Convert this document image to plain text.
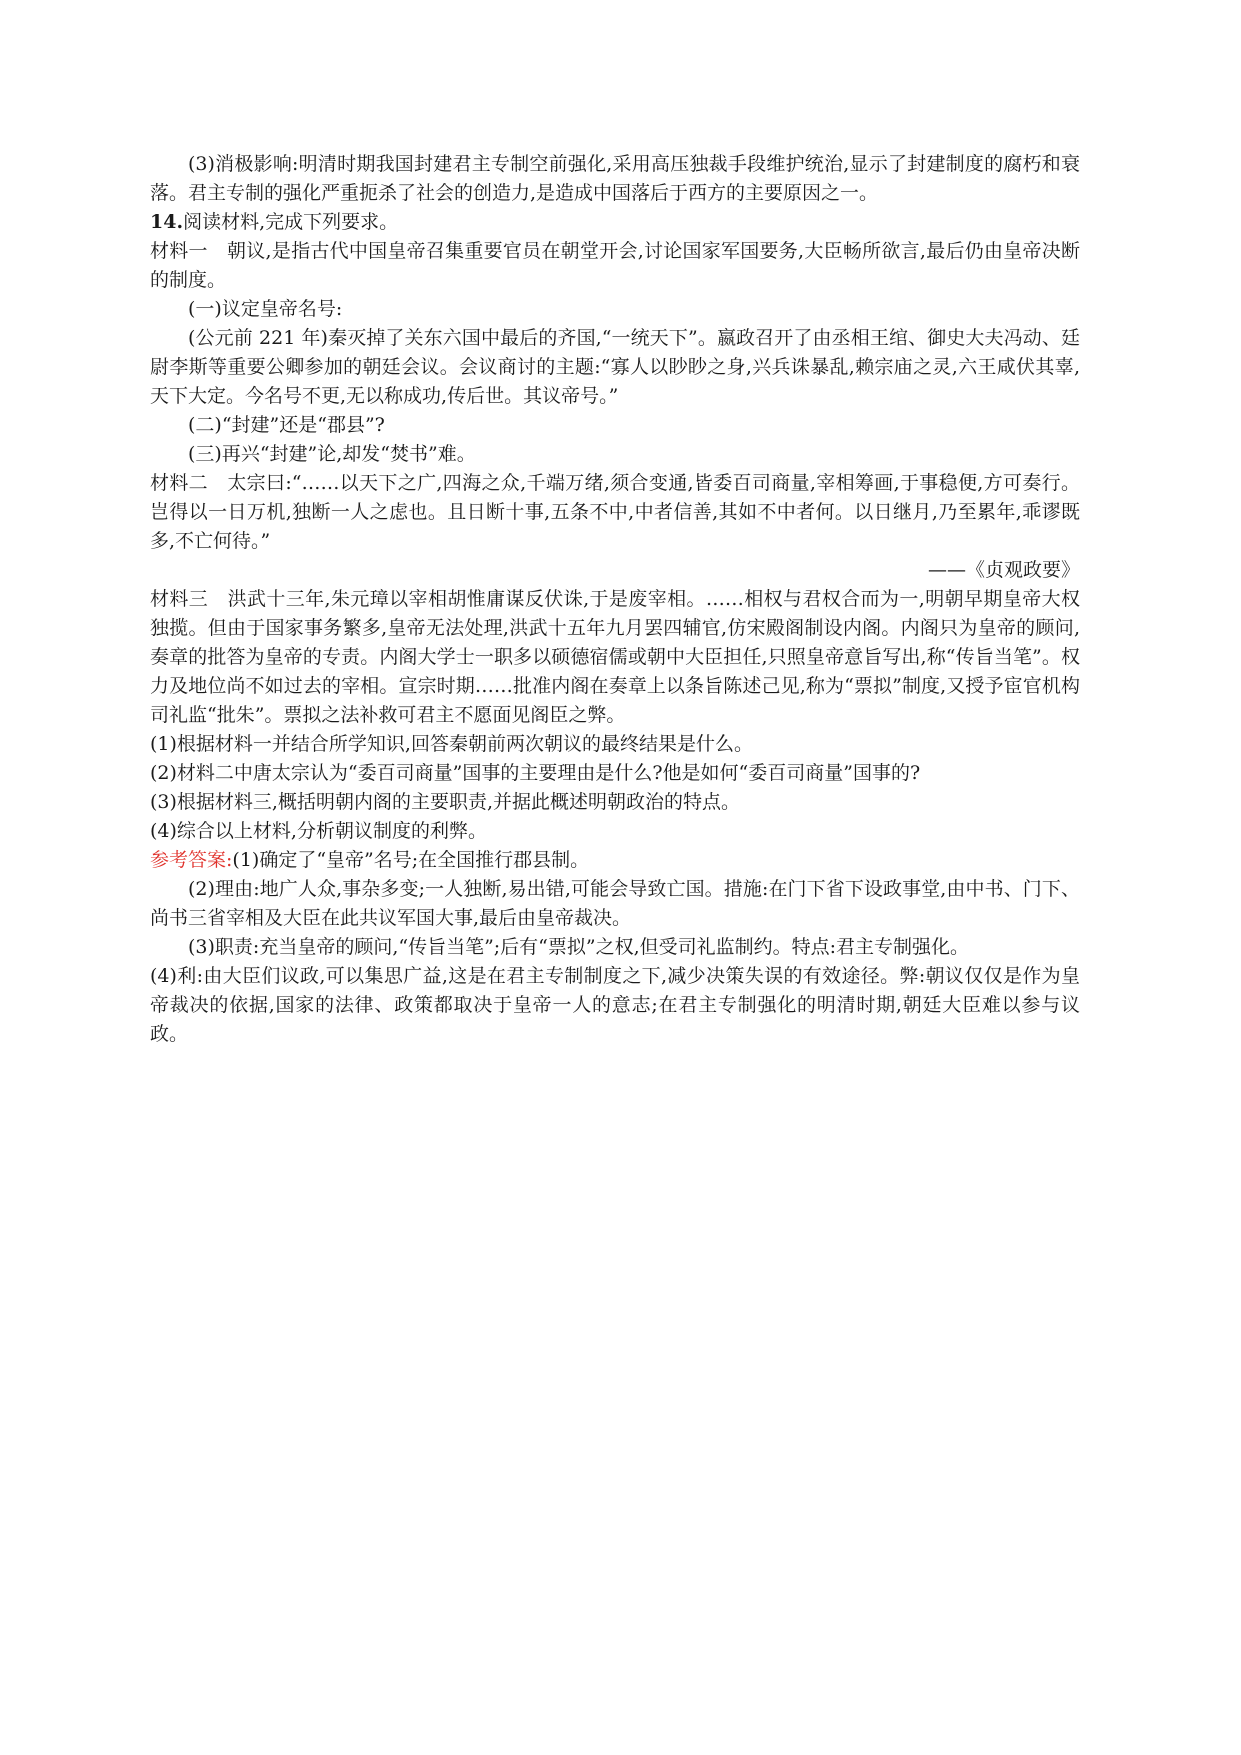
(3)消极影响:明清时期我国封建君主专制空前强化,采用高压独裁手段维护统治,显示了封建制度的腐朽和衰落。君主专制的强化严重扼杀了社会的创造力,是造成中国落后于西方的主要原因之一。

14.阅读材料,完成下列要求。

材料一　朝议,是指古代中国皇帝召集重要官员在朝堂开会,讨论国家军国要务,大臣畅所欲言,最后仍由皇帝决断的制度。

(一)议定皇帝名号:

(公元前 221 年)秦灭掉了关东六国中最后的齐国,“一统天下”。嬴政召开了由丞相王绾、御史大夫冯动、廷尉李斯等重要公卿参加的朝廷会议。会议商讨的主题:“寡人以眇眇之身,兴兵诛暴乱,赖宗庙之灵,六王咸伏其辜,天下大定。今名号不更,无以称成功,传后世。其议帝号。”

(二)“封建”还是“郡县”?

(三)再兴“封建”论,却发“焚书”难。

材料二　太宗曰:“……以天下之广,四海之众,千端万绪,须合变通,皆委百司商量,宰相筹画,于事稳便,方可奏行。岂得以一日万机,独断一人之虑也。且日断十事,五条不中,中者信善,其如不中者何。以日继月,乃至累年,乖谬既多,不亡何待。”

——《贞观政要》

材料三　洪武十三年,朱元璋以宰相胡惟庸谋反伏诛,于是废宰相。……相权与君权合而为一,明朝早期皇帝大权独揽。但由于国家事务繁多,皇帝无法处理,洪武十五年九月罢四辅官,仿宋殿阁制设内阁。内阁只为皇帝的顾问,奏章的批答为皇帝的专责。内阁大学士一职多以硕德宿儒或朝中大臣担任,只照皇帝意旨写出,称“传旨当笔”。权力及地位尚不如过去的宰相。宣宗时期……批准内阁在奏章上以条旨陈述己见,称为“票拟”制度,又授予宦官机构司礼监“批朱”。票拟之法补救可君主不愿面见阁臣之弊。

(1)根据材料一并结合所学知识,回答秦朝前两次朝议的最终结果是什么。

(2)材料二中唐太宗认为“委百司商量”国事的主要理由是什么?他是如何“委百司商量”国事的?

(3)根据材料三,概括明朝内阁的主要职责,并据此概述明朝政治的特点。

(4)综合以上材料,分析朝议制度的利弊。

参考答案:(1)确定了“皇帝”名号;在全国推行郡县制。

(2)理由:地广人众,事杂多变;一人独断,易出错,可能会导致亡国。措施:在门下省下设政事堂,由中书、门下、尚书三省宰相及大臣在此共议军国大事,最后由皇帝裁决。

(3)职责:充当皇帝的顾问,“传旨当笔”;后有“票拟”之权,但受司礼监制约。特点:君主专制强化。

(4)利:由大臣们议政,可以集思广益,这是在君主专制制度之下,减少决策失误的有效途径。弊:朝议仅仅是作为皇帝裁决的依据,国家的法律、政策都取决于皇帝一人的意志;在君主专制强化的明清时期,朝廷大臣难以参与议政。
